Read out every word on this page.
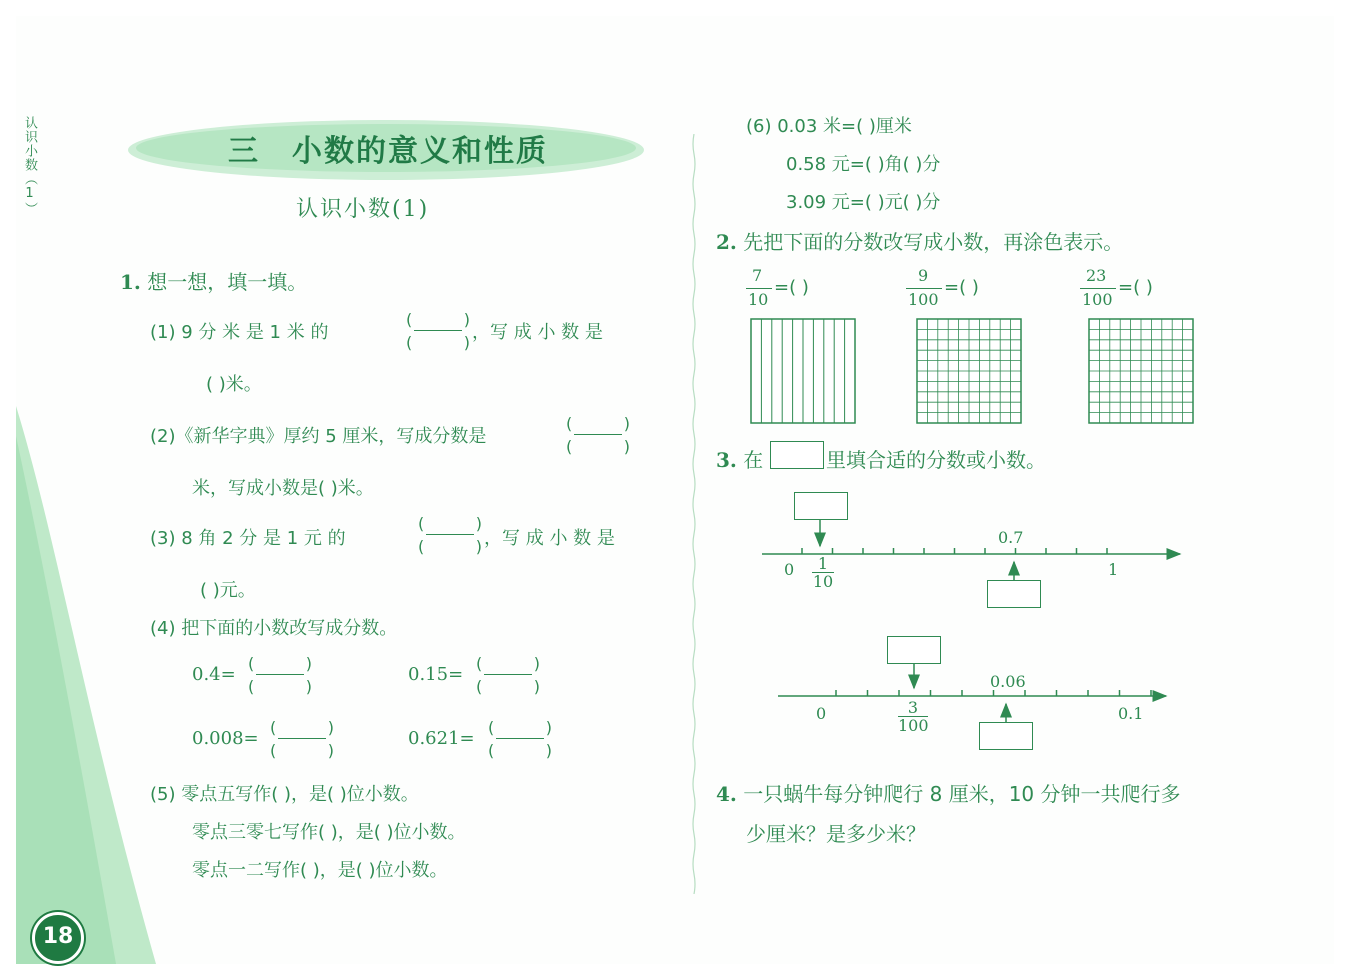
认识小数（1）
18
三　小数的意义和性质
认识小数(1)
1. 想一想，填一填。
(1) 9 分 米 是 1 米 的
(	)
(	) ，写 成 小 数 是
( )米。
(2)《新华字典》厚约 5 厘米，写成分数是
(	)
(	)
米，写成小数是( )米。
(3) 8 角 2 分 是 1 元 的
(	)
(	) ，写 成 小 数 是
( )元。
(4) 把下面的小数改写成分数。
0.4=
(	)
(	)
0.15=
(	)
(	)
0.008=
(	)
(	)
0.621=
(	)
(	)
(5) 零点五写作( )，是( )位小数。
零点三零七写作( )，是( )位小数。
零点一二写作( )，是( )位小数。
(6) 0.03 米=( )厘米
0.58 元=( )角( )分
3.09 元=( )元( )分
2. 先把下面的分数改写成小数，再涂色表示。
7
10
=( )
9
100
=( )
23
100
=( )
3. 在	里填合适的分数或小数。
0	1
10
0.7
1
0	3
100
0.06
0.1
4. 一只蜗牛每分钟爬行 8 厘米，10 分钟一共爬行多
少厘米？是多少米？
